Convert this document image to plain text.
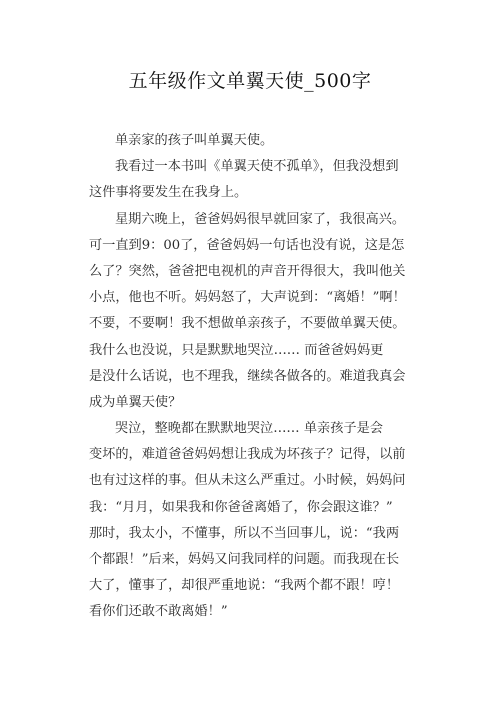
五年级作文单翼天使_500字
单亲家的孩子叫单翼天使。
我看过一本书叫《单翼天使不孤单》，但我没想到
这件事将要发生在我身上。
星期六晚上，爸爸妈妈很早就回家了，我很高兴。
可一直到9：00了，爸爸妈妈一句话也没有说，这是怎
么了？突然，爸爸把电视机的声音开得很大，我叫他关
小点，他也不听。妈妈怒了，大声说到：“离婚！”啊！
不要，不要啊！我不想做单亲孩子，不要做单翼天使。
我什么也没说，只是默默地哭泣…… 而爸爸妈妈更
是没什么话说，也不理我，继续各做各的。难道我真会
成为单翼天使？
哭泣，整晚都在默默地哭泣…… 单亲孩子是会
变坏的，难道爸爸妈妈想让我成为坏孩子？记得，以前
也有过这样的事。但从未这么严重过。小时候，妈妈问
我：“月月，如果我和你爸爸离婚了，你会跟这谁？”
那时，我太小，不懂事，所以不当回事儿，说：“我两
个都跟！”后来，妈妈又问我同样的问题。而我现在长
大了，懂事了，却很严重地说：“我两个都不跟！哼！
看你们还敢不敢离婚！”
